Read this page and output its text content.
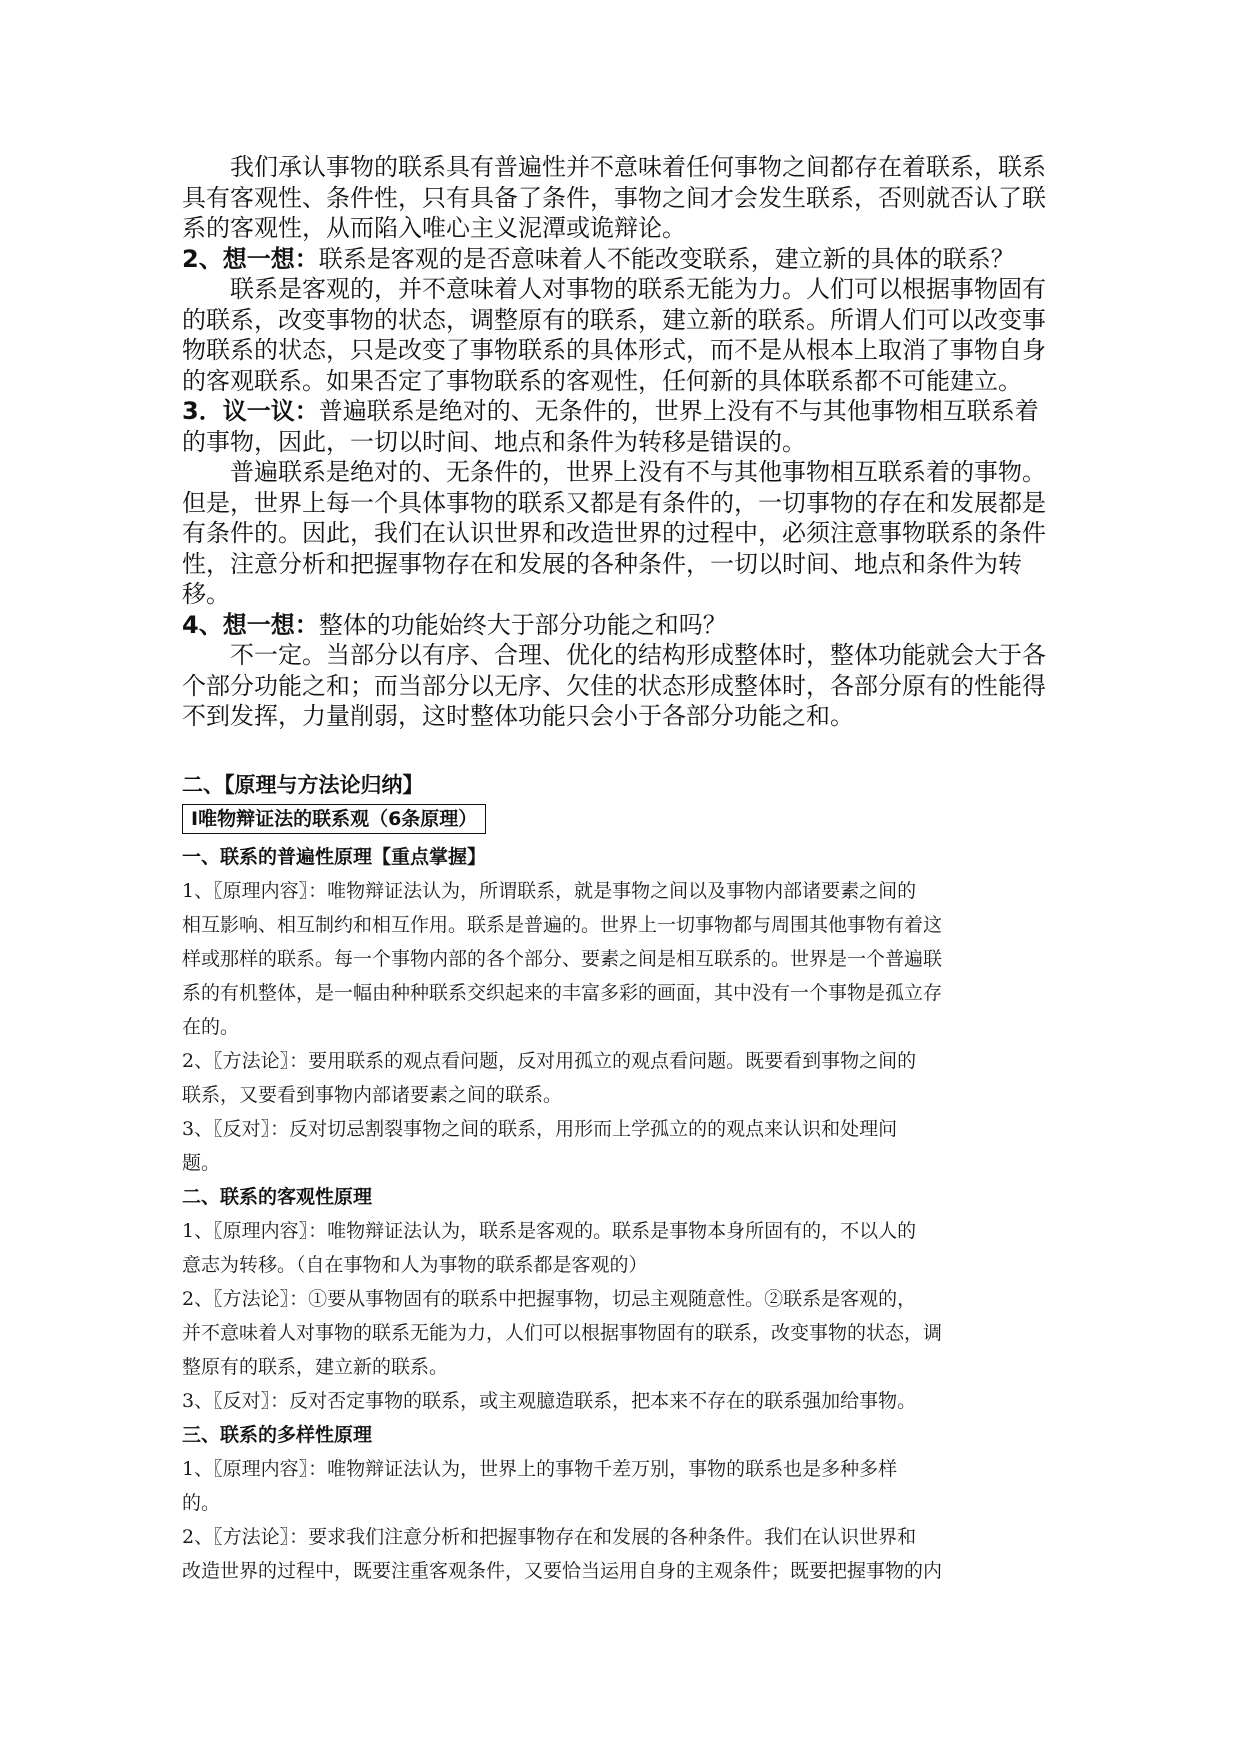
我们承认事物的联系具有普遍性并不意味着任何事物之间都存在着联系，联系具有客观性、条件性，只有具备了条件，事物之间才会发生联系，否则就否认了联系的客观性，从而陷入唯心主义泥潭或诡辩论。

2、想一想：联系是客观的是否意味着人不能改变联系，建立新的具体的联系？

联系是客观的，并不意味着人对事物的联系无能为力。人们可以根据事物固有的联系，改变事物的状态，调整原有的联系，建立新的联系。所谓人们可以改变事物联系的状态，只是改变了事物联系的具体形式，而不是从根本上取消了事物自身的客观联系。如果否定了事物联系的客观性，任何新的具体联系都不可能建立。

3．议一议：普遍联系是绝对的、无条件的，世界上没有不与其他事物相互联系着的事物，因此，一切以时间、地点和条件为转移是错误的。

普遍联系是绝对的、无条件的，世界上没有不与其他事物相互联系着的事物。但是，世界上每一个具体事物的联系又都是有条件的，一切事物的存在和发展都是有条件的。因此，我们在认识世界和改造世界的过程中，必须注意事物联系的条件性，注意分析和把握事物存在和发展的各种条件，一切以时间、地点和条件为转移。

4、想一想：整体的功能始终大于部分功能之和吗？

不一定。当部分以有序、合理、优化的结构形成整体时，整体功能就会大于各个部分功能之和；而当部分以无序、欠佳的状态形成整体时，各部分原有的性能得不到发挥，力量削弱，这时整体功能只会小于各部分功能之和。

二、【原理与方法论归纳】

Ⅰ唯物辩证法的联系观（6条原理）

一、联系的普遍性原理【重点掌握】

1、〖原理内容〗：唯物辩证法认为，所谓联系，就是事物之间以及事物内部诸要素之间的

相互影响、相互制约和相互作用。联系是普遍的。世界上一切事物都与周围其他事物有着这

样或那样的联系。每一个事物内部的各个部分、要素之间是相互联系的。世界是一个普遍联

系的有机整体，是一幅由种种联系交织起来的丰富多彩的画面，其中没有一个事物是孤立存

在的。

2、〖方法论〗：要用联系的观点看问题，反对用孤立的观点看问题。既要看到事物之间的

联系，又要看到事物内部诸要素之间的联系。

3、〖反对〗：反对切忌割裂事物之间的联系，用形而上学孤立的的观点来认识和处理问

题。

二、联系的客观性原理

1、〖原理内容〗：唯物辩证法认为，联系是客观的。联系是事物本身所固有的，不以人的

意志为转移。（自在事物和人为事物的联系都是客观的）

2、〖方法论〗：①要从事物固有的联系中把握事物，切忌主观随意性。②联系是客观的，

并不意味着人对事物的联系无能为力，人们可以根据事物固有的联系，改变事物的状态，调

整原有的联系，建立新的联系。

3、〖反对〗：反对否定事物的联系，或主观臆造联系，把本来不存在的联系强加给事物。

三、联系的多样性原理

1、〖原理内容〗：唯物辩证法认为，世界上的事物千差万别，事物的联系也是多种多样

的。

2、〖方法论〗：要求我们注意分析和把握事物存在和发展的各种条件。我们在认识世界和

改造世界的过程中，既要注重客观条件，又要恰当运用自身的主观条件；既要把握事物的内
